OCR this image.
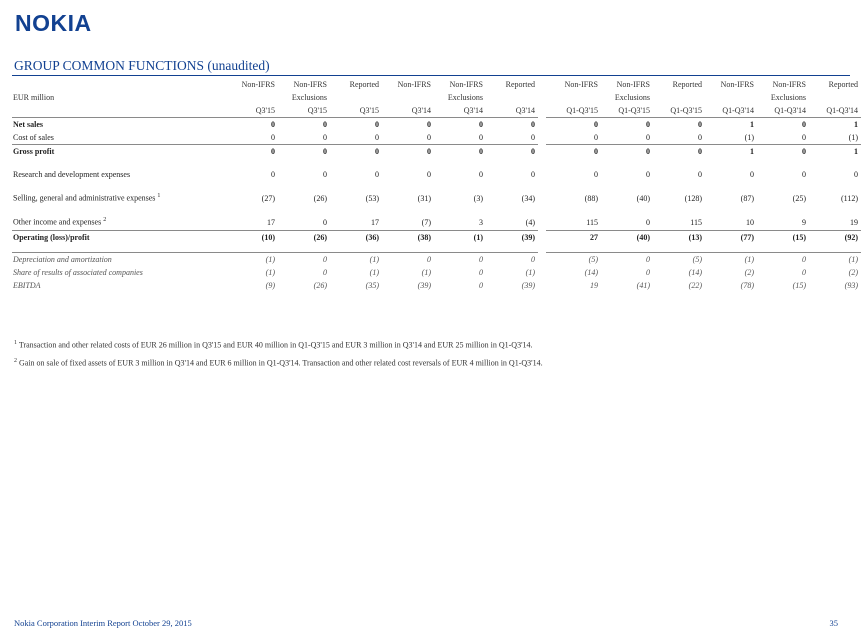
NOKIA
GROUP COMMON FUNCTIONS (unaudited)
	Non-IFRS	Non-IFRS	Reported	Non-IFRS	Non-IFRS	Reported		Non-IFRS	Non-IFRS	Reported	Non-IFRS	Non-IFRS	Reported
EUR million		Exclusions			Exclusions				Exclusions			Exclusions	
	Q3'15	Q3'15	Q3'15	Q3'14	Q3'14	Q3'14		Q1-Q3'15	Q1-Q3'15	Q1-Q3'15	Q1-Q3'14	Q1-Q3'14	Q1-Q3'14
Net sales	0	0	0	0	0	0		0	0	0	1	0	1
Cost of sales	0	0	0	0	0	0		0	0	0	(1)	0	(1)
Gross profit	0	0	0	0	0	0		0	0	0	1	0	1

Research and development expenses	0	0	0	0	0	0		0	0	0	0	0	0

Selling, general and administrative expenses $^1$	(27)	(26)	(53)	(31)	(3)	(34)		(88)	(40)	(128)	(87)	(25)	(112)

Other income and expenses $^2$	17	0	17	(7)	3	(4)		115	0	115	10	9	19
Operating (loss)/profit	(10)	(26)	(36)	(38)	(1)	(39)		27	(40)	(13)	(77)	(15)	(92)

Depreciation and amortization	(1)	0	(1)	0	0	0		(5)	0	(5)	(1)	0	(1)
Share of results of associated companies	(1)	0	(1)	(1)	0	(1)		(14)	0	(14)	(2)	0	(2)
EBITDA	(9)	(26)	(35)	(39)	0	(39)		19	(41)	(22)	(78)	(15)	(93)
$^1$ Transaction and other related costs of EUR 26 million in Q3'15 and EUR 40 million in Q1-Q3'15 and EUR 3 million in Q3'14 and EUR 25 million in Q1-Q3'14.
$^2$ Gain on sale of fixed assets of EUR 3 million in Q3'14 and EUR 6 million in Q1-Q3'14. Transaction and other related cost reversals of EUR 4 million in Q1-Q3'14.
Nokia Corporation Interim Report October 29, 2015	35
